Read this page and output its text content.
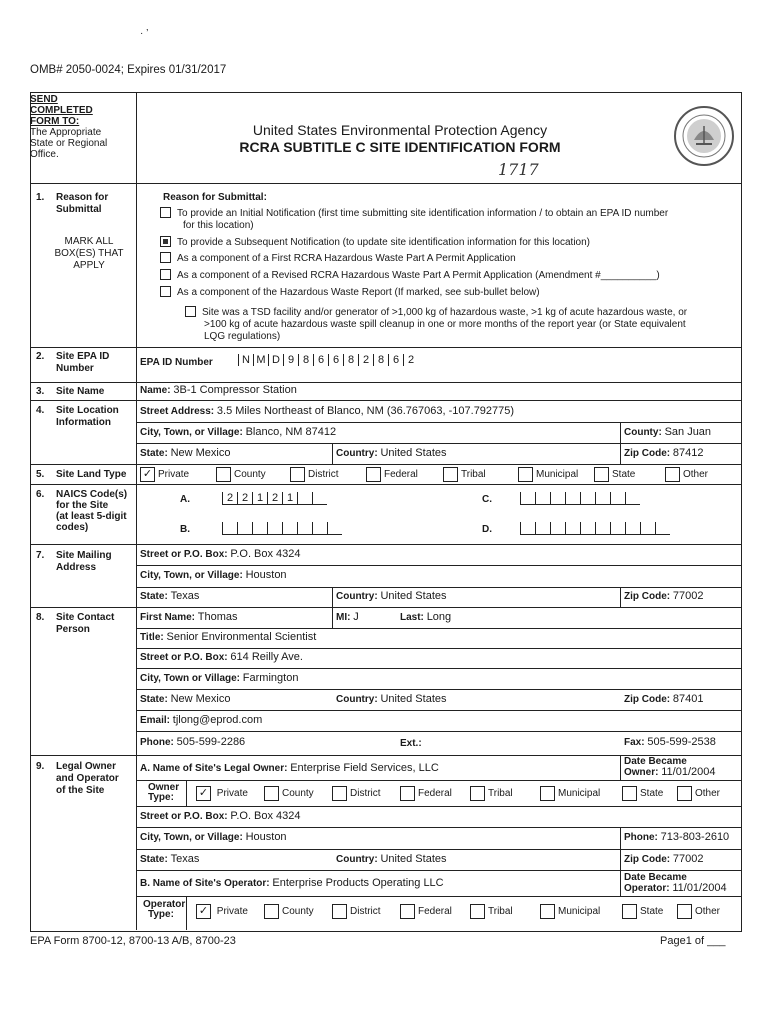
· ’
OMB# 2050-0024; Expires 01/31/2017
SEND
COMPLETED
FORM TO:
The Appropriate
State or Regional
Office.
United States Environmental Protection Agency
RCRA SUBTITLE C SITE IDENTIFICATION FORM
1717
1. Reason for
Submittal
MARK ALL
BOX(ES) THAT
APPLY
Reason for Submittal:
To provide an Initial Notification (first time submitting site identification information / to obtain an EPA ID number
for this location)
To provide a Subsequent Notification (to update site identification information for this location)
As a component of a First RCRA Hazardous Waste Part A Permit Application
As a component of a Revised RCRA Hazardous Waste Part A Permit Application (Amendment #__________)
As a component of the Hazardous Waste Report (If marked, see sub-bullet below)
Site was a TSD facility and/or generator of >1,000 kg of hazardous waste, >1 kg of acute hazardous waste, or
>100 kg of acute hazardous waste spill cleanup in one or more months of the report year (or State equivalent
LQG regulations)
2. Site EPA ID
Number
EPA ID Number	N M D 9 8 6 6 8 2 8 6 2
3. Site Name	Name: 3B-1 Compressor Station
4. Site Location
Information
Street Address: 3.5 Miles Northeast of Blanco, NM (36.767063, -107.792775)
City, Town, or Village: Blanco, NM 87412	County: San Juan
State: New Mexico	Country: United States	Zip Code: 87412
5. Site Land Type ✓ Private	County	District	Federal	Tribal	Municipal	State	Other
6. NAICS Code(s)
for the Site
(at least 5-digit
codes)
A.	2 2 1 2 1	C.
B.	D.
7. Site Mailing
Address
Street or P.O. Box: P.O. Box 4324
City, Town, or Village: Houston
State: Texas	Country: United States	Zip Code: 77002
8. Site Contact
Person
First Name: Thomas	MI: J	Last: Long
Title: Senior Environmental Scientist
Street or P.O. Box: 614 Reilly Ave.
City, Town or Village: Farmington
State: New Mexico	Country: United States	Zip Code: 87401
Email: tjlong@eprod.com
Phone: 505-599-2286	Ext.:	Fax: 505-599-2538
9. Legal Owner
and Operator
of the Site
A. Name of Site's Legal Owner: Enterprise Field Services, LLC
Date Became
Owner: 11/01/2004
Owner
Type:	✓ Private	County	District	Federal	Tribal	Municipal	State	Other
Street or P.O. Box: P.O. Box 4324
City, Town, or Village: Houston	Phone: 713-803-2610
State: Texas	Country: United States	Zip Code: 77002
B. Name of Site's Operator: Enterprise Products Operating LLC	Date Became
Operator: 11/01/2004
Operator
Type:	✓ Private	County	District	Federal	Tribal	Municipal	State	Other
EPA Form 8700-12, 8700-13 A/B, 8700-23	Page1 of ___
